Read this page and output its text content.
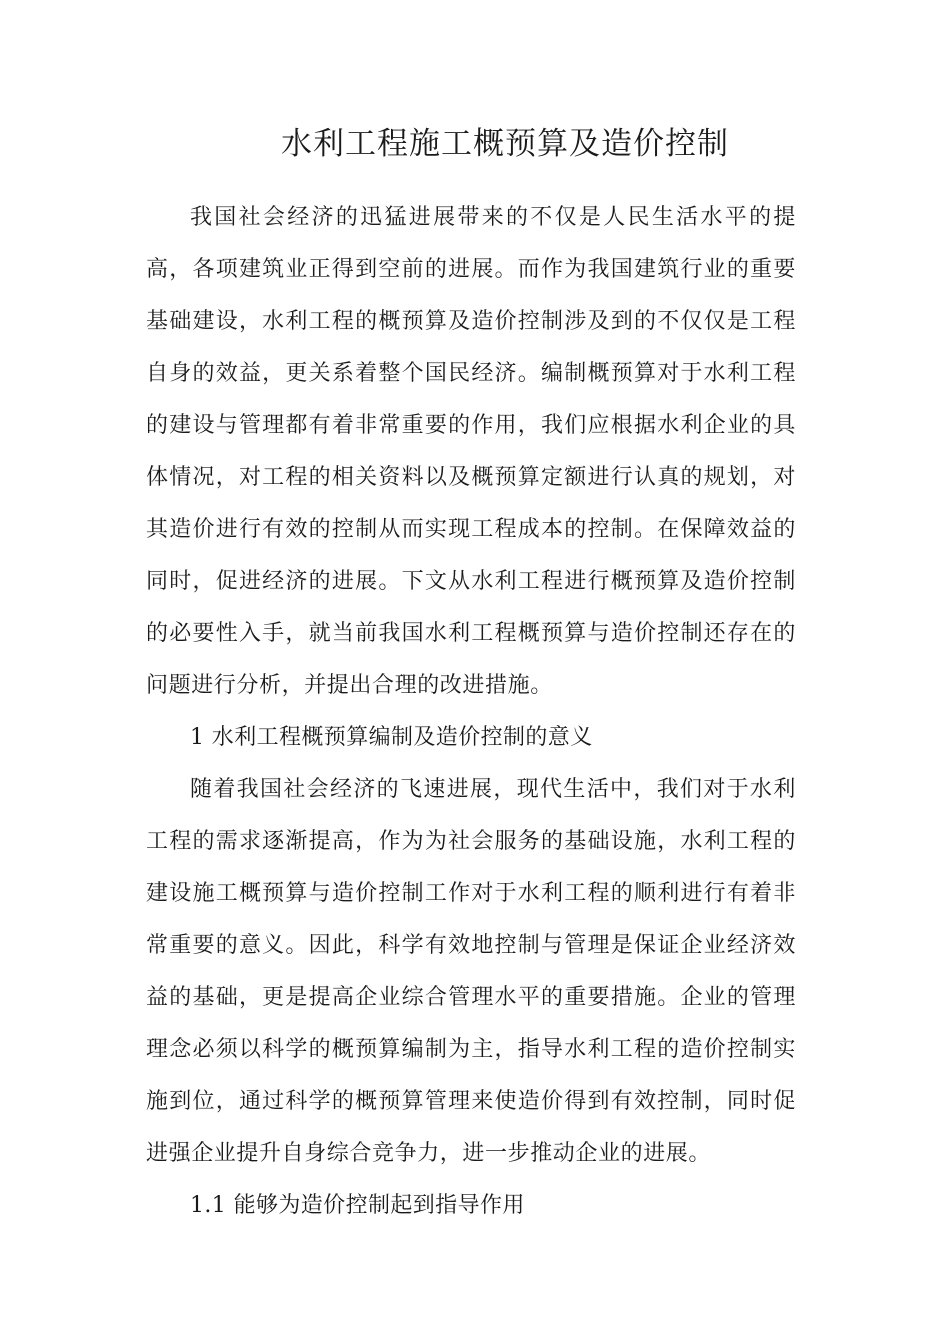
水利工程施工概预算及造价控制

我国社会经济的迅猛进展带来的不仅是人民生活水平的提高，各项建筑业正得到空前的进展。而作为我国建筑行业的重要基础建设，水利工程的概预算及造价控制涉及到的不仅仅是工程自身的效益，更关系着整个国民经济。编制概预算对于水利工程的建设与管理都有着非常重要的作用，我们应根据水利企业的具体情况，对工程的相关资料以及概预算定额进行认真的规划，对其造价进行有效的控制从而实现工程成本的控制。在保障效益的同时，促进经济的进展。下文从水利工程进行概预算及造价控制的必要性入手，就当前我国水利工程概预算与造价控制还存在的问题进行分析，并提出合理的改进措施。

1 水利工程概预算编制及造价控制的意义

随着我国社会经济的飞速进展，现代生活中，我们对于水利工程的需求逐渐提高，作为为社会服务的基础设施，水利工程的建设施工概预算与造价控制工作对于水利工程的顺利进行有着非常重要的意义。因此，科学有效地控制与管理是保证企业经济效益的基础，更是提高企业综合管理水平的重要措施。企业的管理理念必须以科学的概预算编制为主，指导水利工程的造价控制实施到位，通过科学的概预算管理来使造价得到有效控制，同时促进强企业提升自身综合竞争力，进一步推动企业的进展。

1.1 能够为造价控制起到指导作用
